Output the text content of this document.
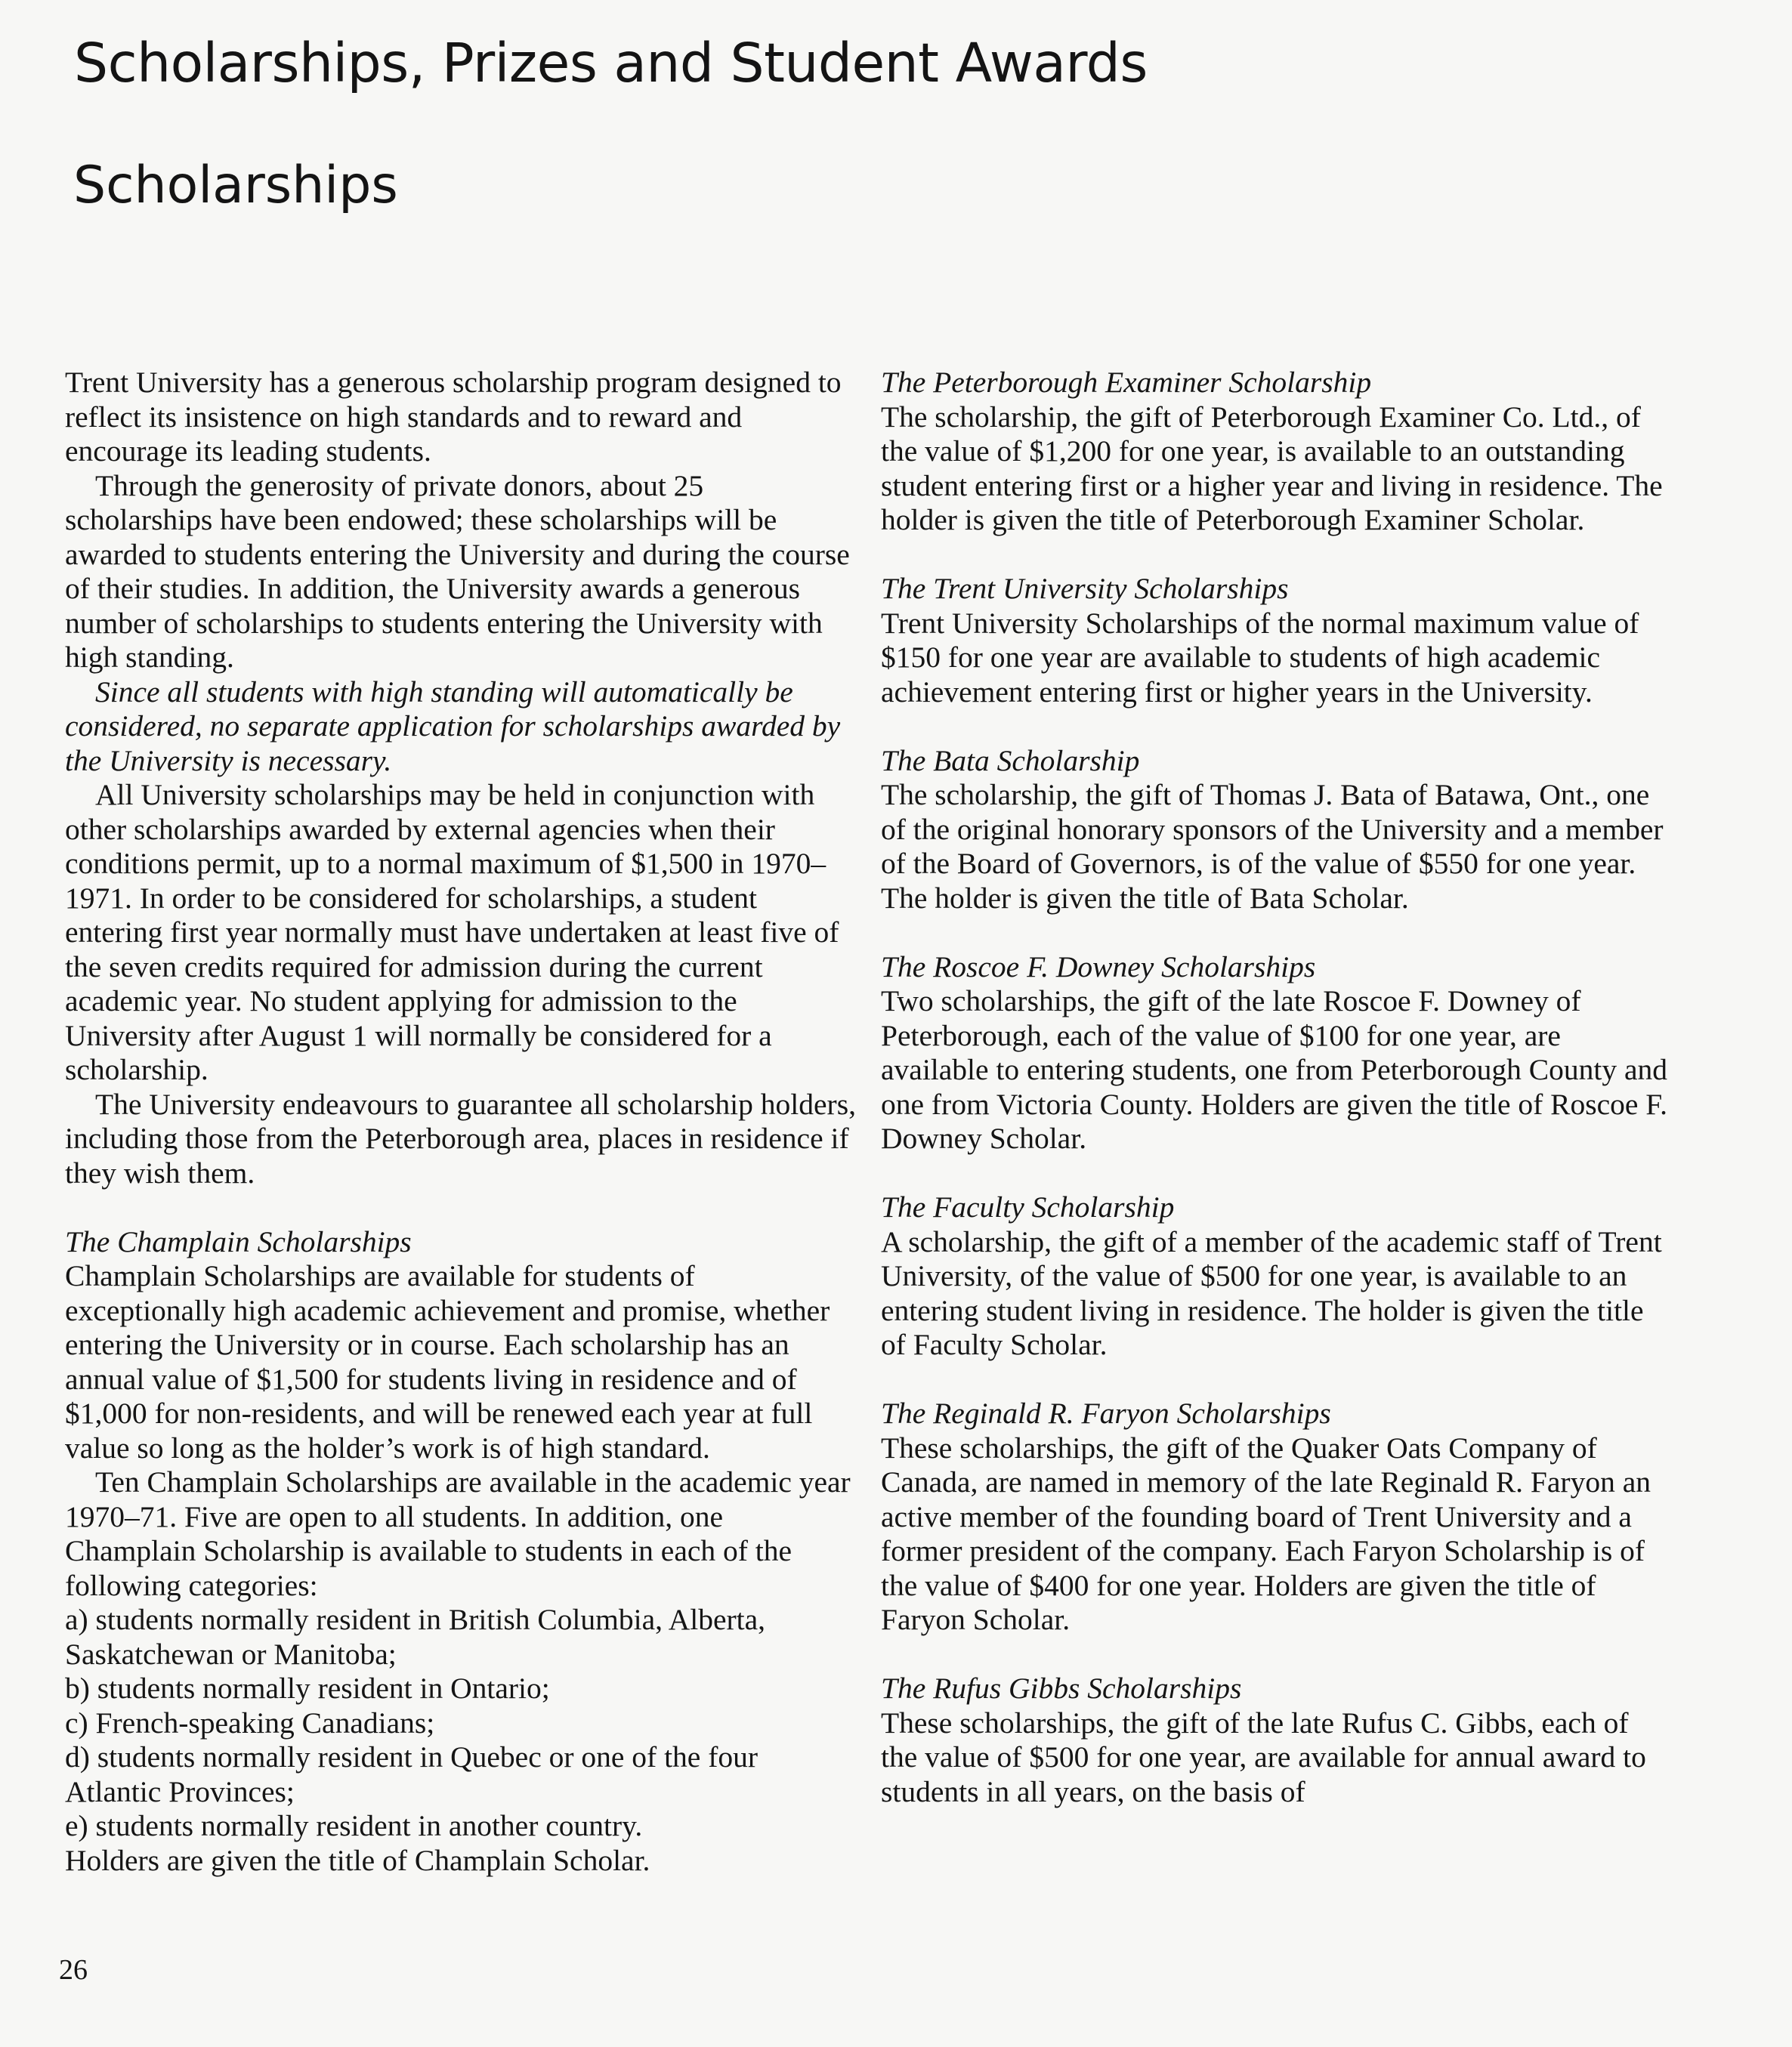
Scholarships, Prizes and Student Awards
Scholarships

Trent University has a generous scholarship program designed to reflect its insistence on high standards and to reward and encourage its leading students.

Through the generosity of private donors, about 25 scholarships have been endowed; these scholarships will be awarded to students entering the University and during the course of their studies. In addition, the University awards a generous number of scholarships to students entering the University with high standing.

Since all students with high standing will automatically be considered, no separate application for scholarships awarded by the University is necessary.

All University scholarships may be held in conjunction with other scholarships awarded by external agencies when their conditions permit, up to a normal maximum of $1,500 in 1970–1971. In order to be considered for scholarships, a student entering first year normally must have undertaken at least five of the seven credits required for admission during the current academic year. No student applying for admission to the University after August 1 will normally be considered for a scholarship.

The University endeavours to guarantee all scholarship holders, including those from the Peterborough area, places in residence if they wish them.

The Champlain Scholarships

Champlain Scholarships are available for students of exceptionally high academic achievement and promise, whether entering the University or in course. Each scholarship has an annual value of $1,500 for students living in residence and of $1,000 for non-residents, and will be renewed each year at full value so long as the holder’s work is of high standard.

Ten Champlain Scholarships are available in the academic year 1970–71. Five are open to all students. In addition, one Champlain Scholarship is available to students in each of the following categories:

a) students normally resident in British Columbia, Alberta, Saskatchewan or Manitoba;
b) students normally resident in Ontario;
c) French-speaking Canadians;
d) students normally resident in Quebec or one of the four Atlantic Provinces;
e) students normally resident in another country.

Holders are given the title of Champlain Scholar.

The Peterborough Examiner Scholarship

The scholarship, the gift of Peterborough Examiner Co. Ltd., of the value of $1,200 for one year, is available to an outstanding student entering first or a higher year and living in residence. The holder is given the title of Peterborough Examiner Scholar.

The Trent University Scholarships

Trent University Scholarships of the normal maximum value of $150 for one year are available to students of high academic achievement entering first or higher years in the University.

The Bata Scholarship

The scholarship, the gift of Thomas J. Bata of Batawa, Ont., one of the original honorary sponsors of the University and a member of the Board of Governors, is of the value of $550 for one year. The holder is given the title of Bata Scholar.

The Roscoe F. Downey Scholarships

Two scholarships, the gift of the late Roscoe F. Downey of Peterborough, each of the value of $100 for one year, are available to entering students, one from Peterborough County and one from Victoria County. Holders are given the title of Roscoe F. Downey Scholar.

The Faculty Scholarship

A scholarship, the gift of a member of the academic staff of Trent University, of the value of $500 for one year, is available to an entering student living in residence. The holder is given the title of Faculty Scholar.

The Reginald R. Faryon Scholarships

These scholarships, the gift of the Quaker Oats Company of Canada, are named in memory of the late Reginald R. Faryon an active member of the founding board of Trent University and a former president of the company. Each Faryon Scholarship is of the value of $400 for one year. Holders are given the title of Faryon Scholar.

The Rufus Gibbs Scholarships

These scholarships, the gift of the late Rufus C. Gibbs, each of the value of $500 for one year, are available for annual award to students in all years, on the basis of

26
